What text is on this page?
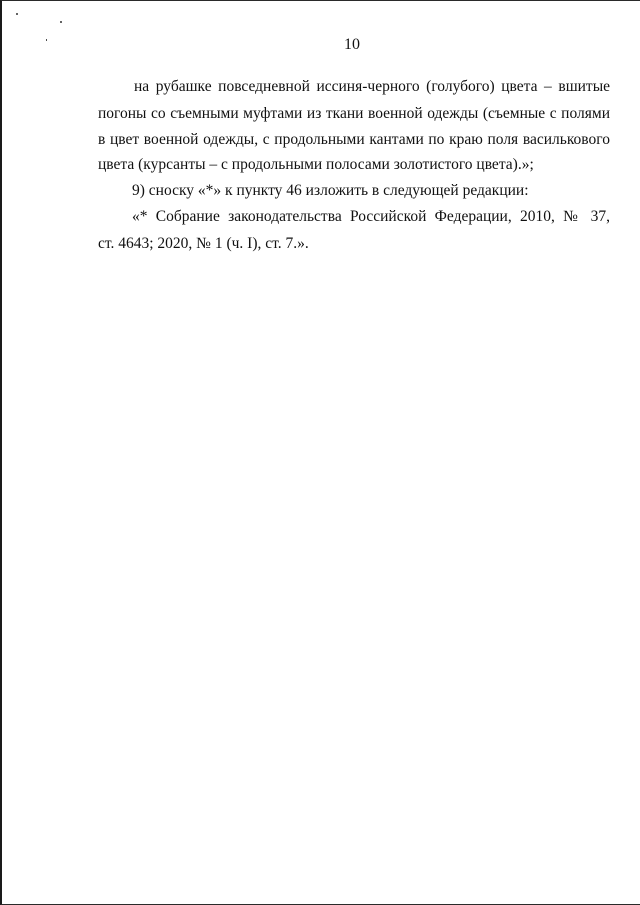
10
на рубашке повседневной иссиня-черного (голубого) цвета – вшитые
погоны со съемными муфтами из ткани военной одежды (съемные с полями
в цвет военной одежды, с продольными кантами по краю поля василькового
цвета (курсанты – с продольными полосами золотистого цвета).»;
9) сноску «*» к пункту 46 изложить в следующей редакции:
«* Собрание законодательства Российской Федерации, 2010, № 37,
ст. 4643; 2020, № 1 (ч. I), ст. 7.».
